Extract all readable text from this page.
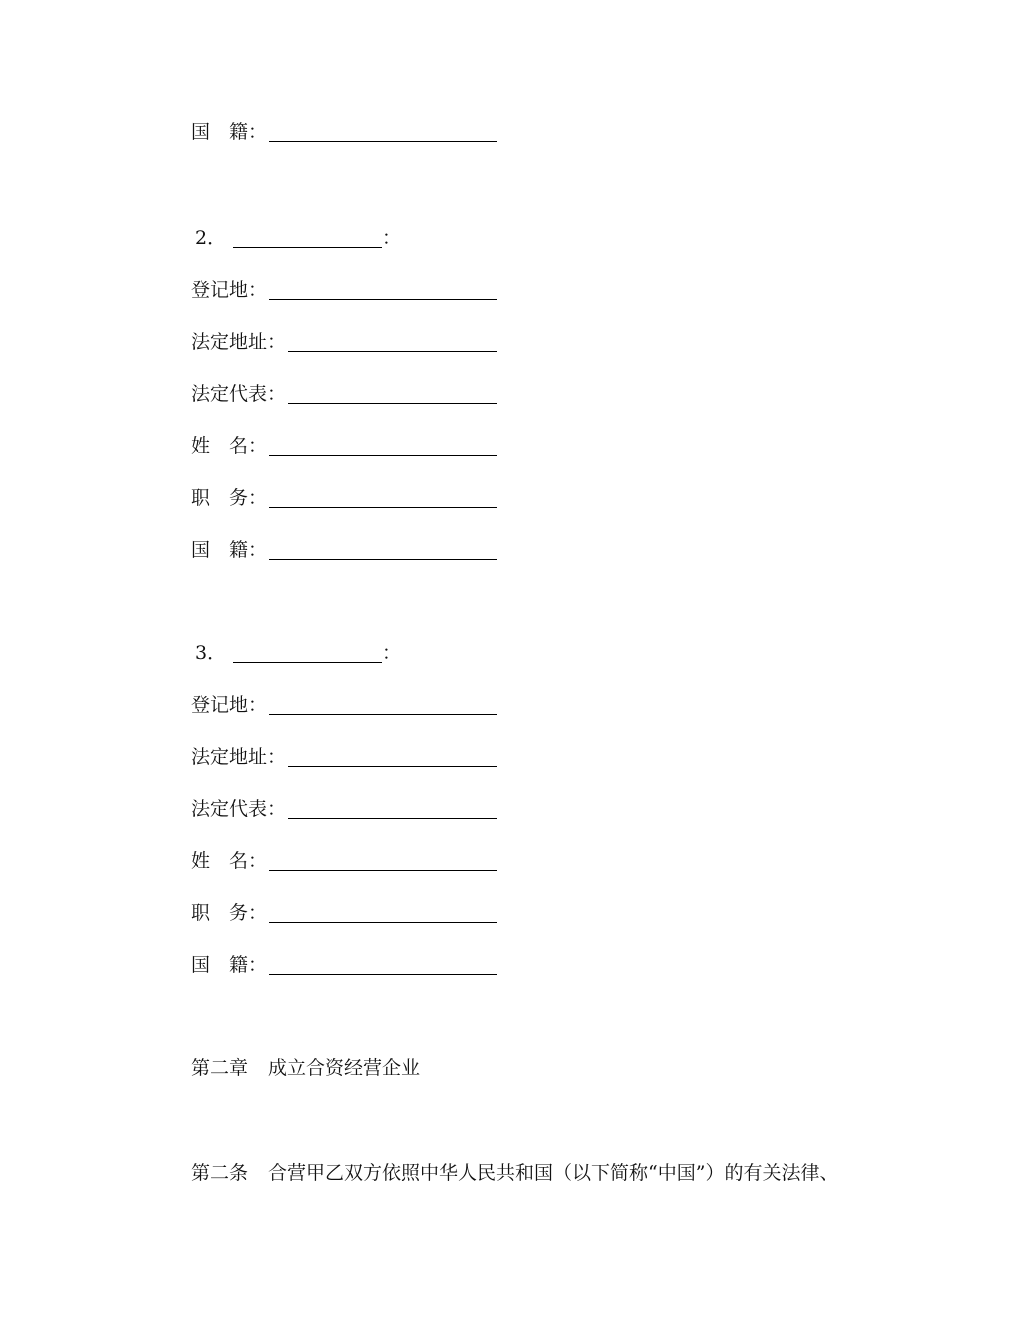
国　籍：
2．	：
登记地：
法定地址：
法定代表：
姓　名：
职　务：
国　籍：
3．	：
登记地：
法定地址：
法定代表：
姓　名：
职　务：
国　籍：
第二章 成立合资经营企业
第二条 合营甲乙双方依照中华人民共和国（以下简称“中国”）的有关法律、
